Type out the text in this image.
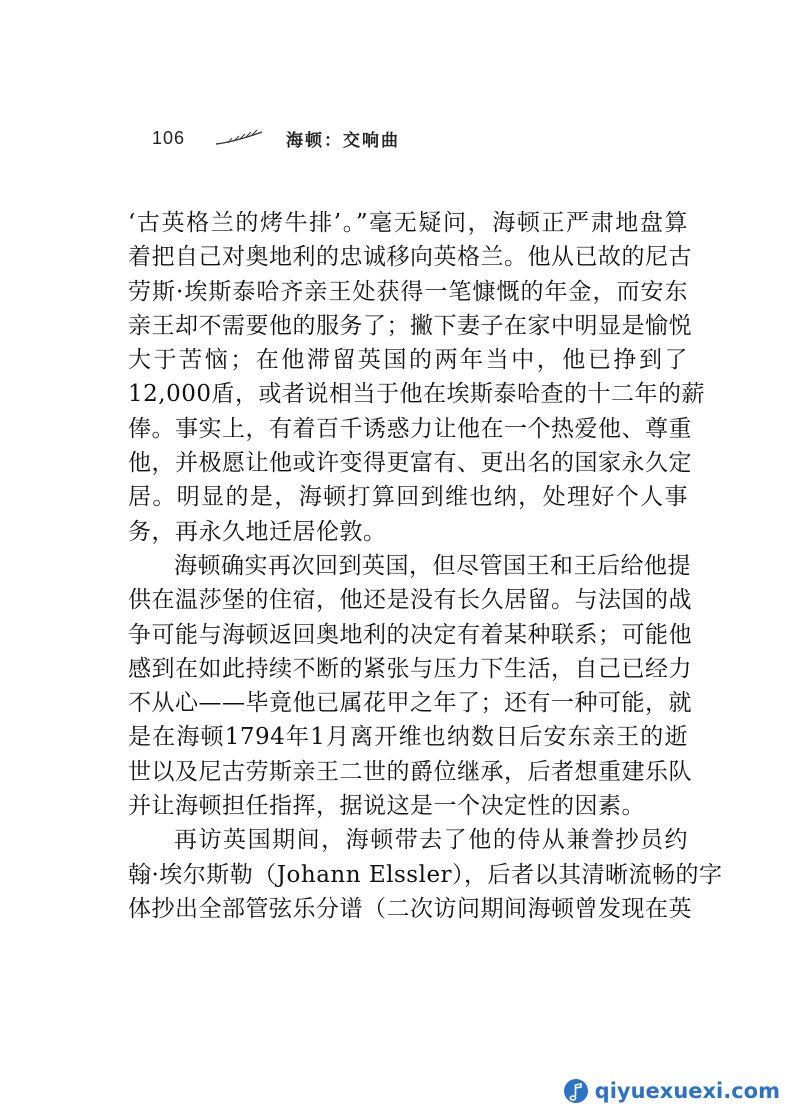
106	海顿：交响曲
‘古英格兰的烤牛排’。”毫无疑问，海顿正严肃地盘算
着把自己对奥地利的忠诚移向英格兰。他从已故的尼古
劳斯·埃斯泰哈齐亲王处获得一笔慷慨的年金，而安东
亲王却不需要他的服务了；撇下妻子在家中明显是愉悦
大于苦恼；在他滞留英国的两年当中，他已挣到了
12,000盾，或者说相当于他在埃斯泰哈查的十二年的薪
俸。事实上，有着百千诱惑力让他在一个热爱他、尊重
他，并极愿让他或许变得更富有、更出名的国家永久定
居。明显的是，海顿打算回到维也纳，处理好个人事
务，再永久地迁居伦敦。
海顿确实再次回到英国，但尽管国王和王后给他提
供在温莎堡的住宿，他还是没有长久居留。与法国的战
争可能与海顿返回奥地利的决定有着某种联系；可能他
感到在如此持续不断的紧张与压力下生活，自己已经力
不从心——毕竟他已属花甲之年了；还有一种可能，就
是在海顿1794年1月离开维也纳数日后安东亲王的逝
世以及尼古劳斯亲王二世的爵位继承，后者想重建乐队
并让海顿担任指挥，据说这是一个决定性的因素。
再访英国期间，海顿带去了他的侍从兼誊抄员约
翰·埃尔斯勒（Johann Elssler），后者以其清晰流畅的字
体抄出全部管弦乐分谱（二次访问期间海顿曾发现在英
qiyuexuexi.com
